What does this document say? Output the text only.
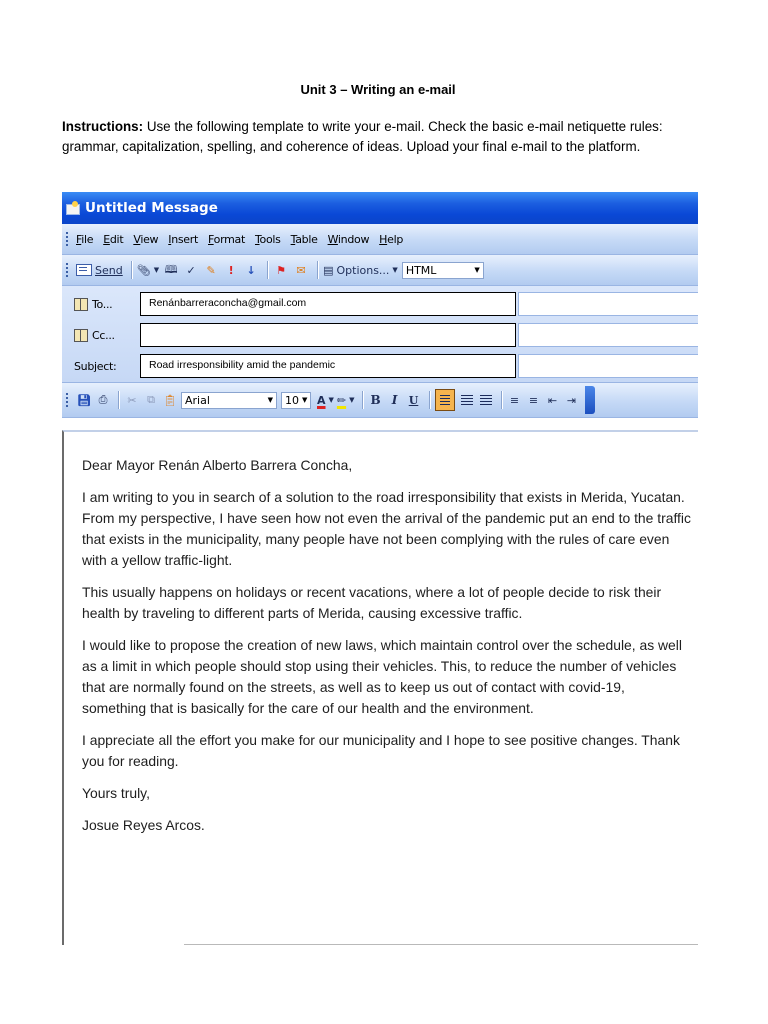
Unit 3 – Writing an e-mail
Instructions: Use the following template to write your e-mail. Check the basic e-mail netiquette rules: grammar, capitalization, spelling, and coherence of ideas. Upload your final e-mail to the platform.
Untitled Message
File Edit View Insert Format Tools Table Window Help
Send 📎︎ ▼ 🕮︎ ✓ ✎ ! ↓ ⚑ ✉ ▤ Options... ▼ HTML	▼
To...	Renánbarreraconcha@gmail.com
Cc...
Subject:	Road irresponsibility amid the pandemic
💾︎ ⎙ ✂ ⧉ 📋︎ Arial	▼ 10 ▼ A ▼ ✏ ▼ B I	U	≡ ≡ ⇤ ⇥

Dear Mayor Renán Alberto Barrera Concha,

I am writing to you in search of a solution to the road irresponsibility that exists in Merida, Yucatan. From my perspective, I have seen how not even the arrival of the pandemic put an end to the traffic that exists in the municipality, many people have not been complying with the rules of care even with a yellow traffic-light.

This usually happens on holidays or recent vacations, where a lot of people decide to risk their health by traveling to different parts of Merida, causing excessive traffic.

I would like to propose the creation of new laws, which maintain control over the schedule, as well as a limit in which people should stop using their vehicles. This, to reduce the number of vehicles that are normally found on the streets, as well as to keep us out of contact with covid-19, something that is basically for the care of our health and the environment.

I appreciate all the effort you make for our municipality and I hope to see positive changes. Thank you for reading.

Yours truly,

Josue Reyes Arcos.
